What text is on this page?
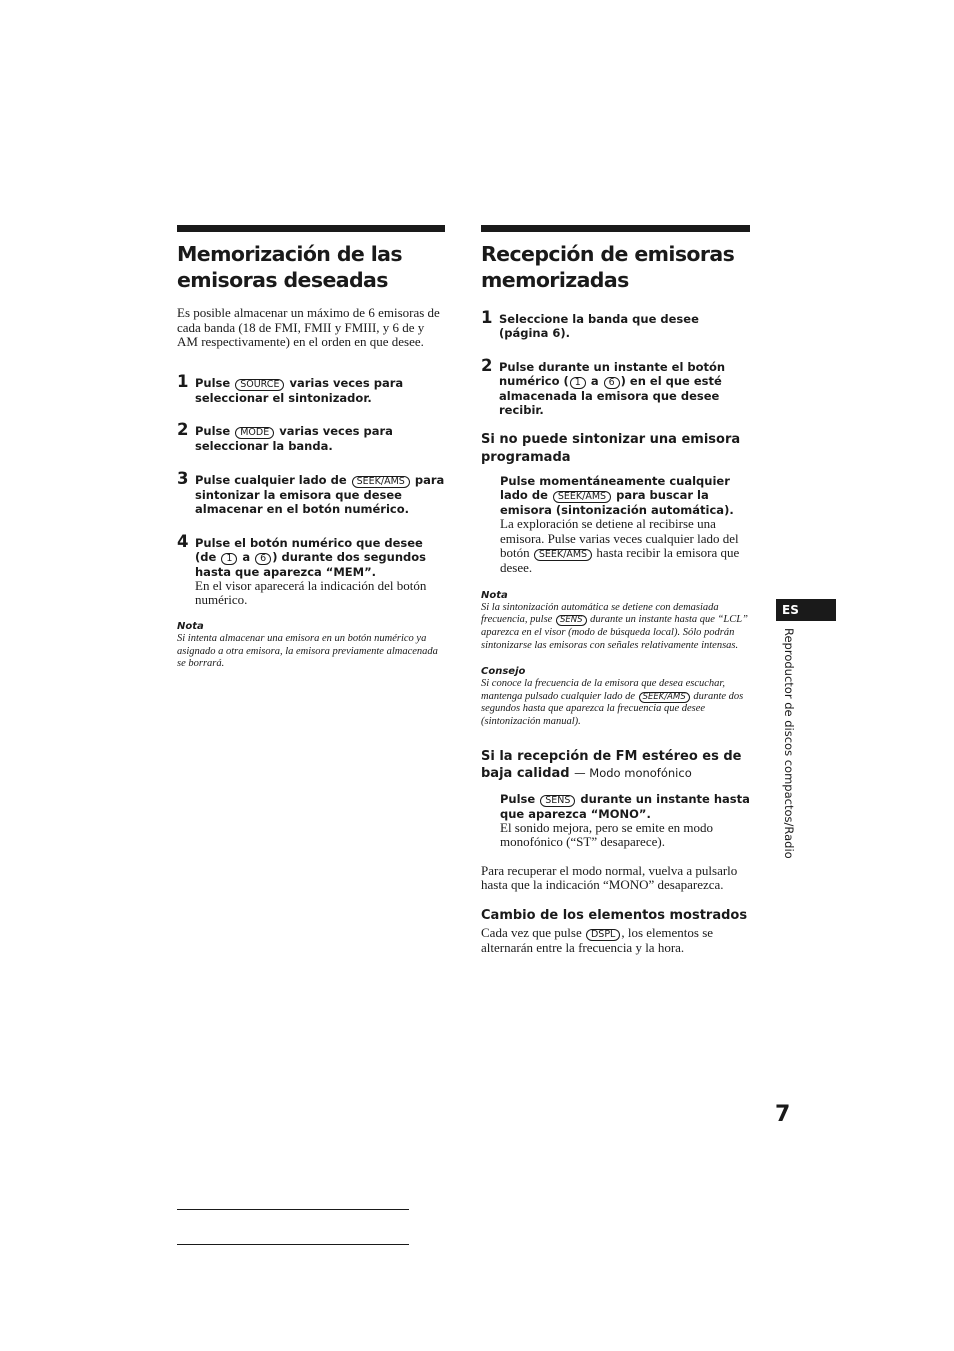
Memorización de las emisoras deseadas

Es posible almacenar un máximo de 6 emisoras de cada banda (18 de FMI, FMII y FMIII, y 6 de y AM respectivamente) en el orden en que desee.

1 Pulse SOURCE varias veces para seleccionar el sintonizador.

2 Pulse MODE varias veces para seleccionar la banda.

3 Pulse cualquier lado de SEEK/AMS para sintonizar la emisora que desee almacenar en el botón numérico.

4 Pulse el botón numérico que desee (de 1 a 6 ) durante dos segundos hasta que aparezca “MEM”.

En el visor aparecerá la indicación del botón numérico.

Nota

Si intenta almacenar una emisora en un botón numérico ya asignado a otra emisora, la emisora previamente almacenada se borrará.

Recepción de emisoras memorizadas
1 Seleccione la banda que desee (página 6).

2 Pulse durante un instante el botón numérico ( 1 a 6 ) en el que esté almacenada la emisora que desee recibir.

Si no puede sintonizar una emisora programada

Pulse momentáneamente cualquier lado de SEEK/AMS para buscar la emisora (sintonización automática).

La exploración se detiene al recibirse una emisora. Pulse varias veces cualquier lado del botón SEEK/AMS hasta recibir la emisora que desee.

Nota

Si la sintonización automática se detiene con demasiada frecuencia, pulse SENS durante un instante hasta que “LCL” aparezca en el visor (modo de búsqueda local). Sólo podrán sintonizarse las emisoras con señales relativamente intensas.

Consejo

Si conoce la frecuencia de la emisora que desea escuchar, mantenga pulsado cualquier lado de SEEK/AMS durante dos segundos hasta que aparezca la frecuencia que desee (sintonización manual).

Si la recepción de FM estéreo es de baja calidad — Modo monofónico

Pulse SENS durante un instante hasta que aparezca “MONO”.

El sonido mejora, pero se emite en modo monofónico (“ST” desaparece).

Para recuperar el modo normal, vuelva a pulsarlo hasta que la indicación “MONO” desaparezca.

Cambio de los elementos mostrados

Cada vez que pulse DSPL , los elementos se alternarán entre la frecuencia y la hora.

ES
Reproductor de discos compactos/Radio
7
